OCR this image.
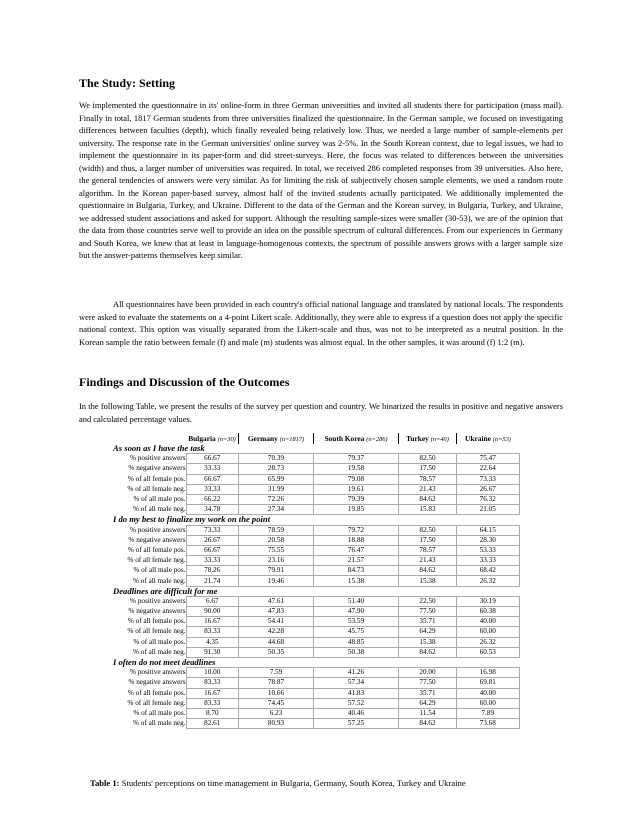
The Study: Setting

We implemented the questionnaire in its' online-form in three German universities and invited all students there for participation (mass mail). Finally in total, 1817 German students from three universities finalized the questionnaire. In the German sample, we focused on investigating differences between faculties (depth), which finally revealed being relatively low. Thus, we needed a large number of sample-elements per university. The response rate in the German universities' online survey was 2-5%. In the South Korean context, due to legal issues, we had to implement the questionnaire in its paper-form and did street-surveys. Here, the focus was related to differences between the universities (width) and thus, a larger number of universities was required. In total, we received 286 completed responses from 39 universities. Also here, the general tendencies of answers were very similar. As for limiting the risk of subjectively chosen sample elements, we used a random route algorithm. In the Korean paper-based survey, almost half of the invited students actually participated. We additionally implemented the questionnaire in Bulgaria, Turkey, and Ukraine. Different to the data of the German and the Korean survey, in Bulgaria, Turkey, and Ukraine, we addressed student associations and asked for support. Although the resulting sample-sizes were smaller (30-53), we are of the opinion that the data from those countries serve well to provide an idea on the possible spectrum of cultural differences. From our experiences in Germany and South Korea, we knew that at least in language-homogenous contexts, the spectrum of possible answers grows with a larger sample size but the answer-patterns themselves keep similar.

All questionnaires have been provided in each country's official national language and translated by national locals. The respondents were asked to evaluate the statements on a 4-point Likert scale. Additionally, they were able to express if a question does not apply the specific national context. This option was visually separated from the Likert-scale and thus, was not to be interpreted as a neutral position. In the Korean sample the ratio between female (f) and male (m) students was almost equal. In the other samples, it was around (f) 1:2 (m).

Findings and Discussion of the Outcomes

In the following Table, we present the results of the survey per question and country. We binarized the results in positive and negative answers and calculated percentage values.

	Bulgaria (n=30)	Germany (n=1817)	South Korea (n=286)	Turkey (n=40)	Ukraine (n=53)
As soon as I have the task					
% positive answers	66.67	70.39	79.37	82.50	75.47
% negative answers	33.33	28.73	19.58	17.50	22.64
% of all female pos.	66.67	65.99	79.08	78.57	73.33
% of all female neg.	33.33	31.99	19.61	21.43	26.67
% of all male pos.	66.22	72.26	79.39	84.62	76.32
% of all male neg.	34.78	27.34	19.85	15.83	21.05
I do my best to finalize my work on the point					
% positive answers	73.33	78.59	79.72	82.50	64.15
% negative answers	26.67	20.58	18.88	17.50	28.30
% of all female pos.	66.67	75.55	76.47	78.57	53.33
% of all female neg.	33.33	23.16	21.57	21.43	33.33
% of all male pos.	78.26	79.91	84.73	84.62	68.42
% of all male neg.	21.74	19.46	15.38	15.38	26.32
Deadlines are difficult for me					
% positive answers	6.67	47.61	51.40	22.50	30.19
% negative answers	90.00	47.83	47.90	77.50	60.38
% of all female pos.	16.67	54.41	53.59	35.71	40.00
% of all female neg.	83.33	42.28	45.75	64.29	60.00
% of all male pos.	4.35	44.68	48.85	15.38	26.32
% of all male neg.	91.30	50.35	50.38	84.62	60.53
I often do not meet deadlines					
% positive answers	10.00	7.59	41.26	20.00	16.98
% negative answers	83.33	78.87	57.34	77.50	69.81
% of all female pos.	16.67	10.66	41.83	35.71	40.00
% of all female neg.	83.33	74.45	57.52	64.29	60.00
% of all male pos.	8.70	6.23	40.46	11.54	7.89
% of all male neg.	82.61	80.93	57.25	84.62	73.68

Table 1: Students' perceptions on time management in Bulgaria, Germany, South Korea, Turkey and Ukraine
